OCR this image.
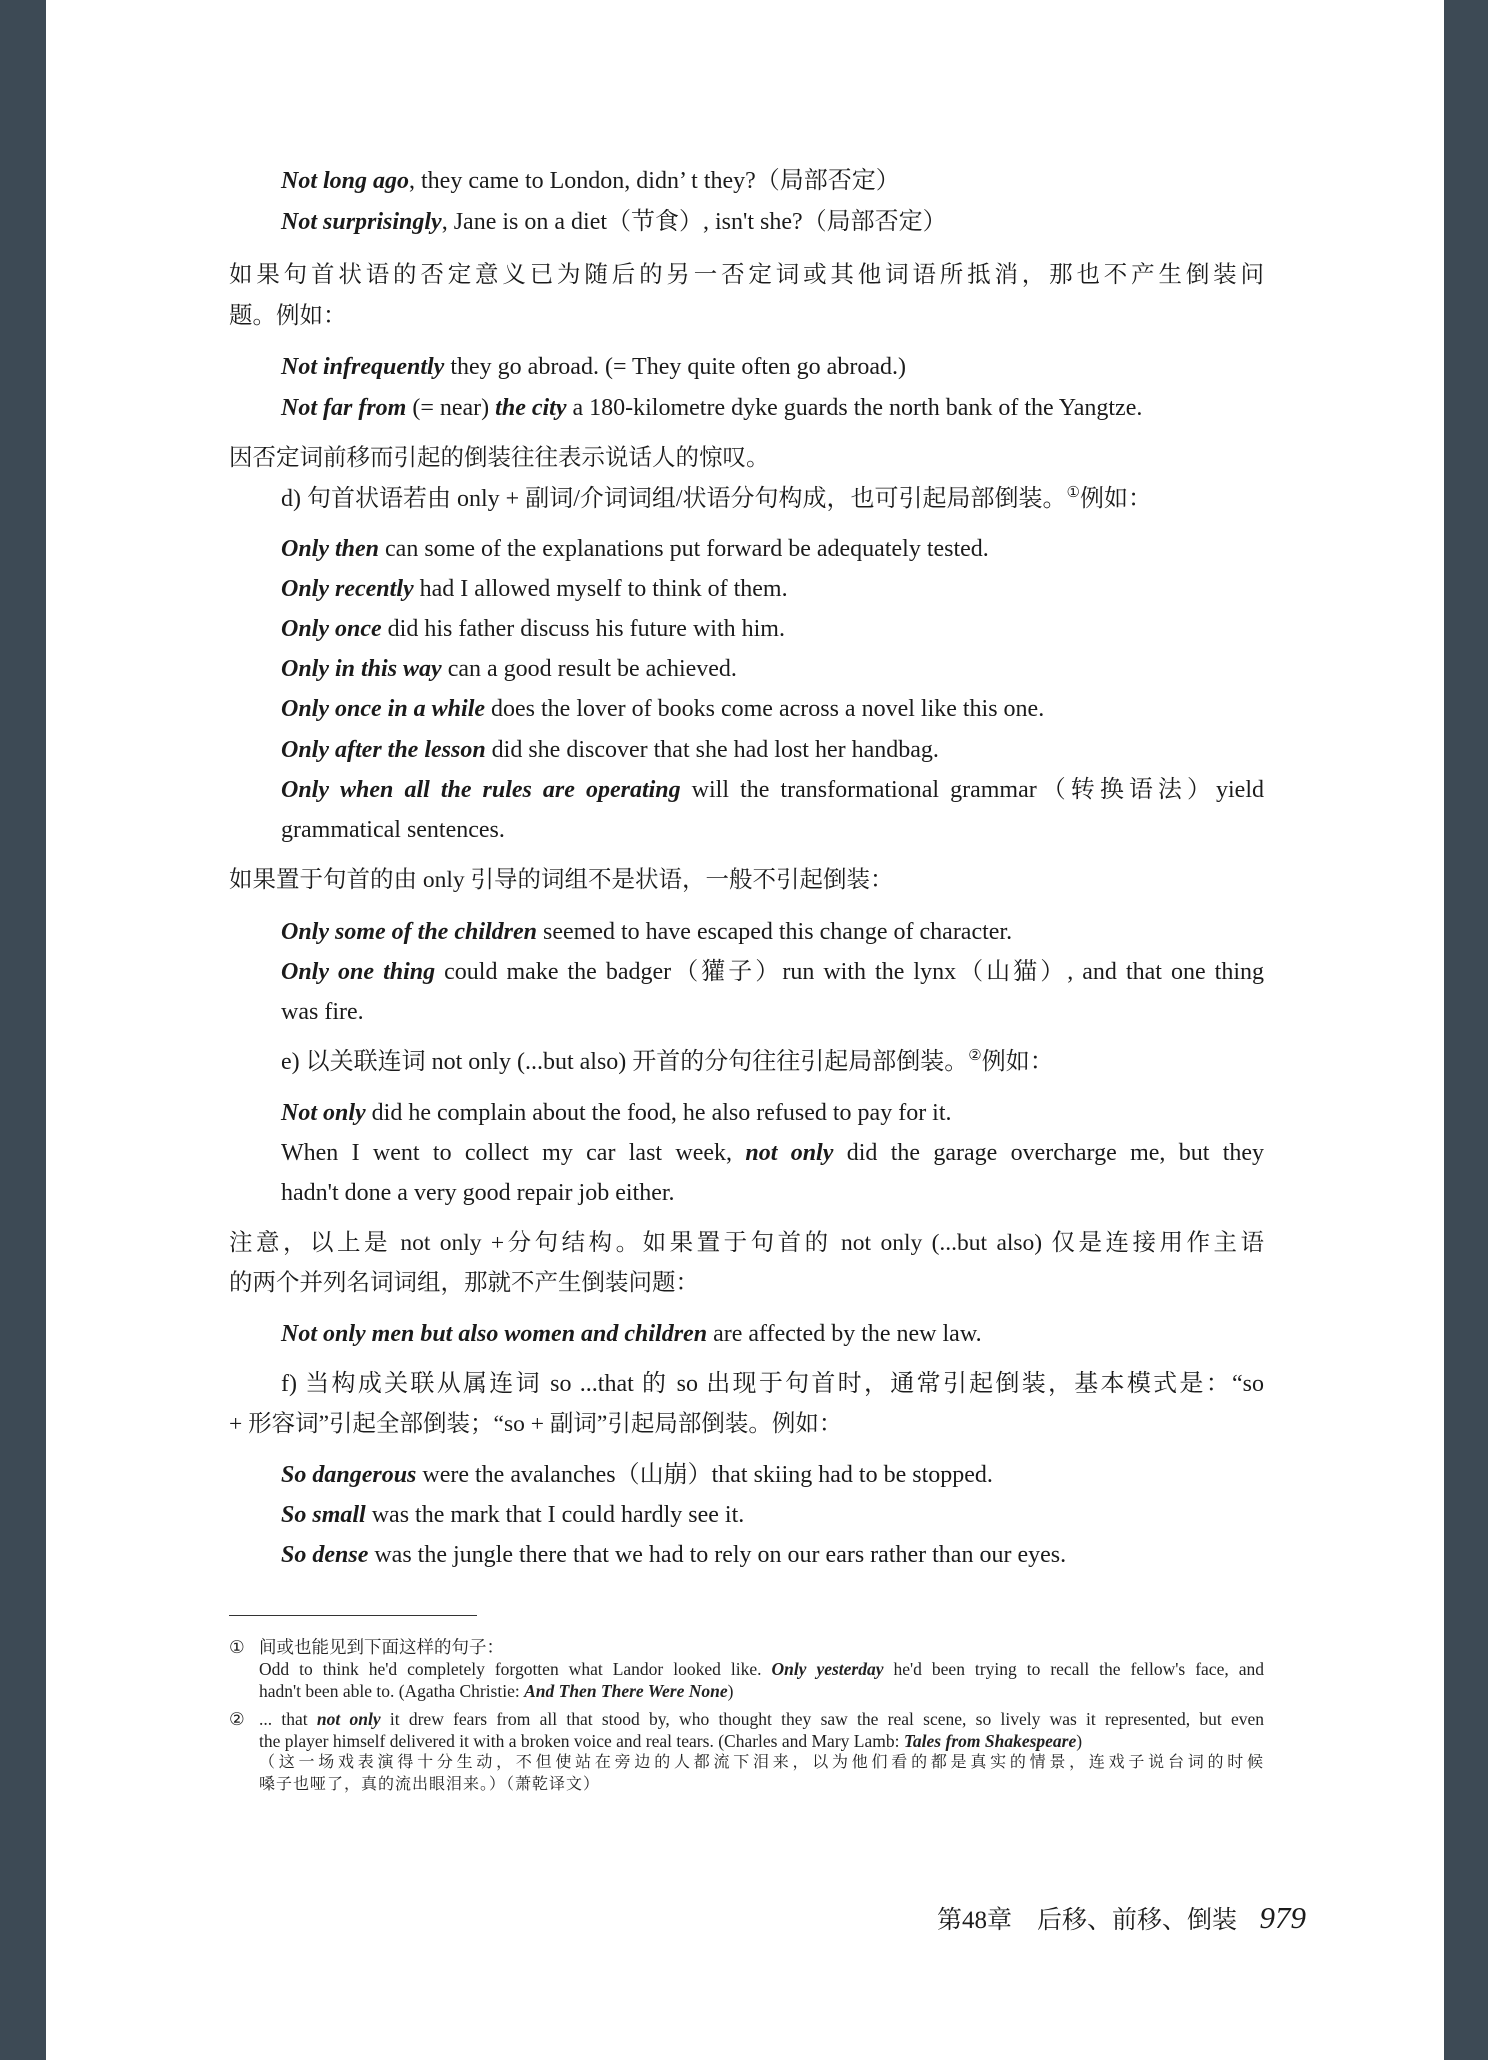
Not long ago, they came to London, didn’ t they?（局部否定）
Not surprisingly, Jane is on a diet（节食）, isn't she?（局部否定）
如果句首状语的否定意义已为随后的另一否定词或其他词语所抵消，那也不产生倒装问
题。例如：
Not infrequently they go abroad. (= They quite often go abroad.)
Not far from (= near) the city a 180-kilometre dyke guards the north bank of the Yangtze.
因否定词前移而引起的倒装往往表示说话人的惊叹。
d) 句首状语若由 only + 副词/介词词组/状语分句构成，也可引起局部倒装。①例如：
Only then can some of the explanations put forward be adequately tested.
Only recently had I allowed myself to think of them.
Only once did his father discuss his future with him.
Only in this way can a good result be achieved.
Only once in a while does the lover of books come across a novel like this one.
Only after the lesson did she discover that she had lost her handbag.
Only when all the rules are operating will the transformational grammar（转换语法）yield
grammatical sentences.
如果置于句首的由 only 引导的词组不是状语，一般不引起倒装：
Only some of the children seemed to have escaped this change of character.
Only one thing could make the badger（獾子）run with the lynx（山猫）, and that one thing
was fire.
e) 以关联连词 not only (...but also) 开首的分句往往引起局部倒装。②例如：
Not only did he complain about the food, he also refused to pay for it.
When I went to collect my car last week, not only did the garage overcharge me, but they
hadn't done a very good repair job either.
注意，以上是 not only +分句结构。如果置于句首的 not only (...but also) 仅是连接用作主语
的两个并列名词词组，那就不产生倒装问题：
Not only men but also women and children are affected by the new law.
f) 当构成关联从属连词 so ...that 的 so 出现于句首时，通常引起倒装，基本模式是：“so
+ 形容词”引起全部倒装；“so + 副词”引起局部倒装。例如：
So dangerous were the avalanches（山崩）that skiing had to be stopped.
So small was the mark that I could hardly see it.
So dense was the jungle there that we had to rely on our ears rather than our eyes.
① 间或也能见到下面这样的句子：
Odd to think he'd completely forgotten what Landor looked like. Only yesterday he'd been trying to recall the fellow's face, and
hadn't been able to. (Agatha Christie: And Then There Were None)
② ... that not only it drew fears from all that stood by, who thought they saw the real scene, so lively was it represented, but even
the player himself delivered it with a broken voice and real tears. (Charles and Mary Lamb: Tales from Shakespeare)
（这一场戏表演得十分生动，不但使站在旁边的人都流下泪来，以为他们看的都是真实的情景，连戏子说台词的时候
嗓子也哑了，真的流出眼泪来。）（萧乾译文）
第48章　后移、前移、倒装 979
